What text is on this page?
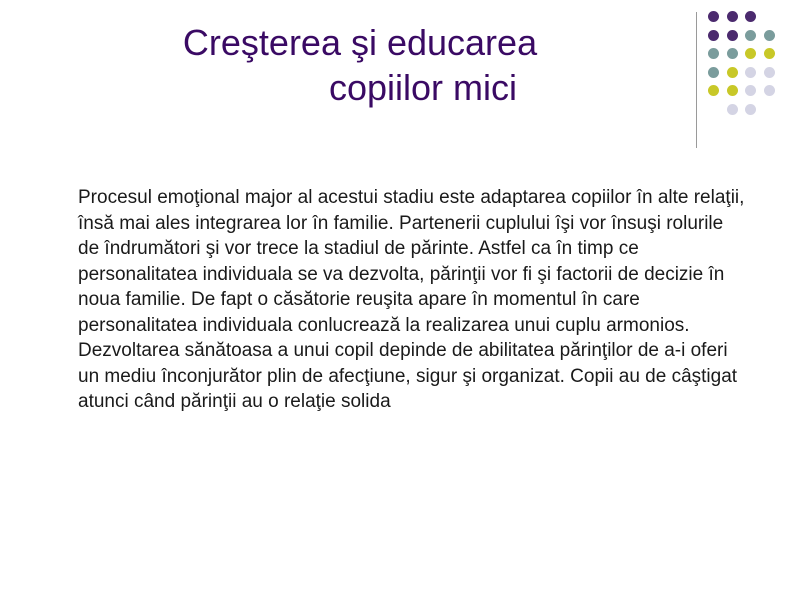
Creşterea şi educarea
copiilor mici

Procesul emoţional major al acestui stadiu este adaptarea copiilor în alte relaţii, însă mai ales integrarea lor în familie. Partenerii cuplului îşi vor însuşi rolurile de îndrumători şi vor trece la stadiul de părinte. Astfel ca în timp ce personalitatea individuala se va dezvolta, părinţii vor fi şi factorii de decizie în noua familie. De fapt o căsătorie reuşita apare în momentul în care personalitatea individuala conlucrează la realizarea unui cuplu armonios.

Dezvoltarea sănătoasa a unui copil depinde de abilitatea părinţilor de a-i oferi un mediu înconjurător plin de afecţiune, sigur şi organizat. Copii au de câştigat atunci când părinţii au o relaţie solida
